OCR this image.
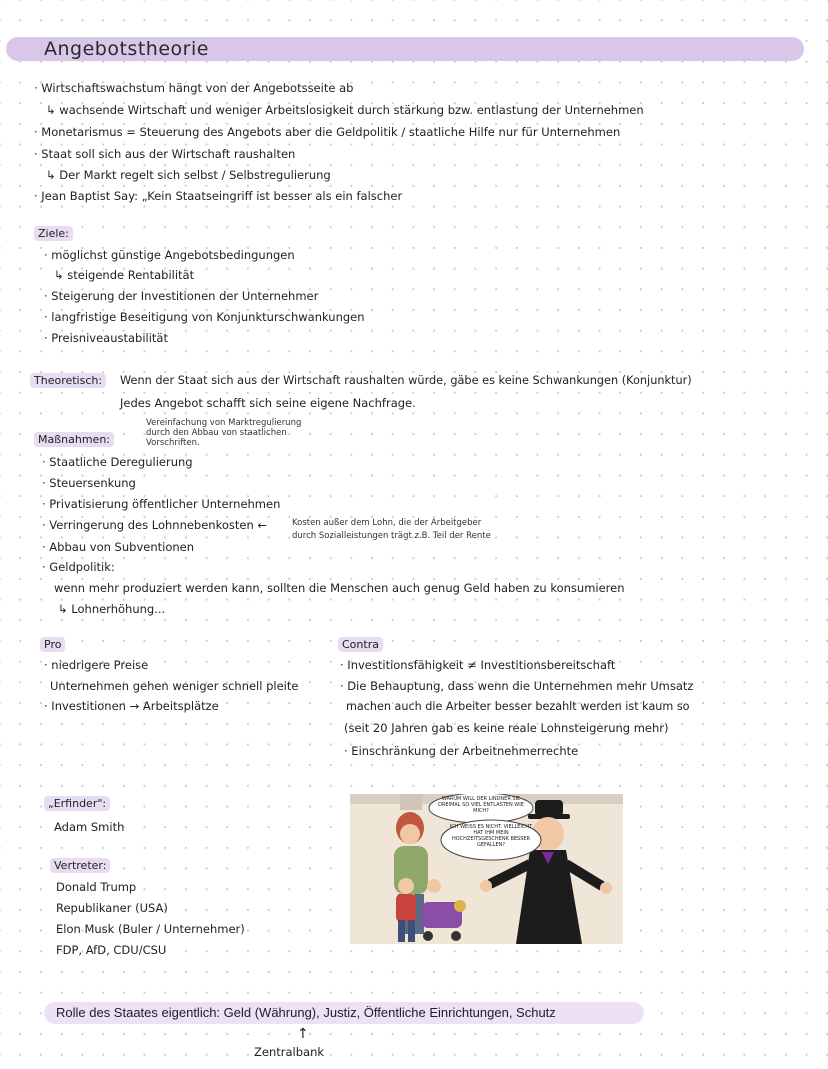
Angebotstheorie
· Wirtschaftswachstum hängt von der Angebotsseite ab
↳ wachsende Wirtschaft und weniger Arbeitslosigkeit durch stärkung bzw. entlastung der Unternehmen
· Monetarismus = Steuerung des Angebots aber die Geldpolitik / staatliche Hilfe nur für Unternehmen
· Staat soll sich aus der Wirtschaft raushalten
↳ Der Markt regelt sich selbst / Selbstregulierung
· Jean Baptist Say: „Kein Staatseingriff ist besser als ein falscher
Ziele:
· möglichst günstige Angebotsbedingungen
↳ steigende Rentabilität
· Steigerung der Investitionen der Unternehmer
· langfristige Beseitigung von Konjunkturschwankungen
· Preisniveaustabilität
Theoretisch:	Wenn der Staat sich aus der Wirtschaft raushalten würde, gäbe es keine Schwankungen (Konjunktur)
Jedes Angebot schafft sich seine eigene Nachfrage.
Vereinfachung von Marktregulierung
durch den Abbau von staatlichen
Vorschriften.
Maßnahmen:
· Staatliche Deregulierung
· Steuersenkung
· Privatisierung öffentlicher Unternehmen
· Verringerung des Lohnnebenkosten ←	Kosten außer dem Lohn, die der Arbeitgeber
durch Sozialleistungen trägt z.B. Teil der Rente
· Abbau von Subventionen
· Geldpolitik:
wenn mehr produziert werden kann, sollten die Menschen auch genug Geld haben zu konsumieren
↳ Lohnerhöhung...
Pro
· niedrigere Preise
Unternehmen gehen weniger schnell pleite
· Investitionen → Arbeitsplätze
Contra
· Investitionsfähigkeit ≠ Investitionsbereitschaft
· Die Behauptung, dass wenn die Unternehmen mehr Umsatz
machen auch die Arbeiter besser bezahlt werden ist kaum so
(seit 20 Jahren gab es keine reale Lohnsteigerung mehr)
· Einschränkung der Arbeitnehmerrechte
„Erfinder":
Adam Smith
Vertreter:
Donald Trump
Republikaner (USA)
Elon Musk (Buler / Unternehmer)
FDP, AfD, CDU/CSU
WARUM WILL DER LINDNER SIE DREIMAL SO VIEL ENTLASTEN WIE MICH?
ICH WEISS ES NICHT. VIELLEICHT HAT IHM MEIN HOCHZEITSGESCHENK BESSER GEFALLEN?
Rolle des Staates eigentlich: Geld (Währung), Justiz, Öffentliche Einrichtungen, Schutz
↑
Zentralbank
